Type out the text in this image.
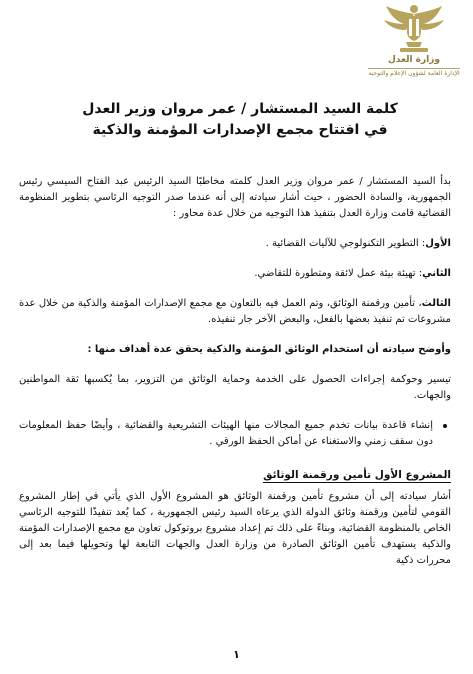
وزارة العدل
الإدارة العامة لشؤون الإعلام والتوجيه
كلمة السيد المستشار / عمر مروان وزير العدل
في افتتاح مجمع الإصدارات المؤمنة والذكية

بدأ السيد المستشار / عمر مروان وزير العدل كلمته مخاطبًا السيد الرئيس عبد الفتاح السيسي رئيس الجمهورية، والسادة الحضور ، حيث أشار سيادته إلى أنه عندما صدر التوجيه الرئاسي بتطوير المنظومة القضائية قامت وزارة العدل بتنفيذ هذا التوجيه من خلال عدة محاور :

الأول: التطوير التكنولوجي للآليات القضائية .

الثاني: تهيئة بيئة عمل لائقة ومتطورة للتقاضي.

الثالث، تأمين ورقمنة الوثائق، وتم العمل فيه بالتعاون مع مجمع الإصدارات المؤمنة والذكية من خلال عدة مشروعات تم تنفيذ بعضها بالفعل، والبعض الآخر جار تنفيذه.

وأوضح سيادته أن استخدام الوثائق المؤمنة والذكية يحقق عدة أهداف منها :

تيسير وحوكمة إجراءات الحصول على الخدمة وحماية الوثائق من التزوير، بما يُكسبها ثقة المواطنين والجهات.

إنشاء قاعدة بيانات تخدم جميع المجالات منها الهيئات التشريعية والقضائية ، وأيضًا حفظ المعلومات دون سقف زمني والاستغناء عن أماكن الحفظ الورقي .

المشروع الأول تأمين ورقمنة الوثائق

أشار سيادته إلى أن مشروع تأمين ورقمنة الوثائق هو المشروع الأول الذي يأتي في إطار المشروع القومي لتأمين ورقمنة وثائق الدولة الذي يرعاه السيد رئيس الجمهورية ، كما يُعد تنفيذًا للتوجيه الرئاسي الخاص بالمنظومة القضائية، وبناءً على ذلك تم إعداد مشروع بروتوكول تعاون مع مجمع الإصدارات المؤمنة والذكية يستهدف تأمين الوثائق الصادرة من وزارة العدل والجهات التابعة لها وتحويلها فيما بعد إلى محررات ذكية

١
